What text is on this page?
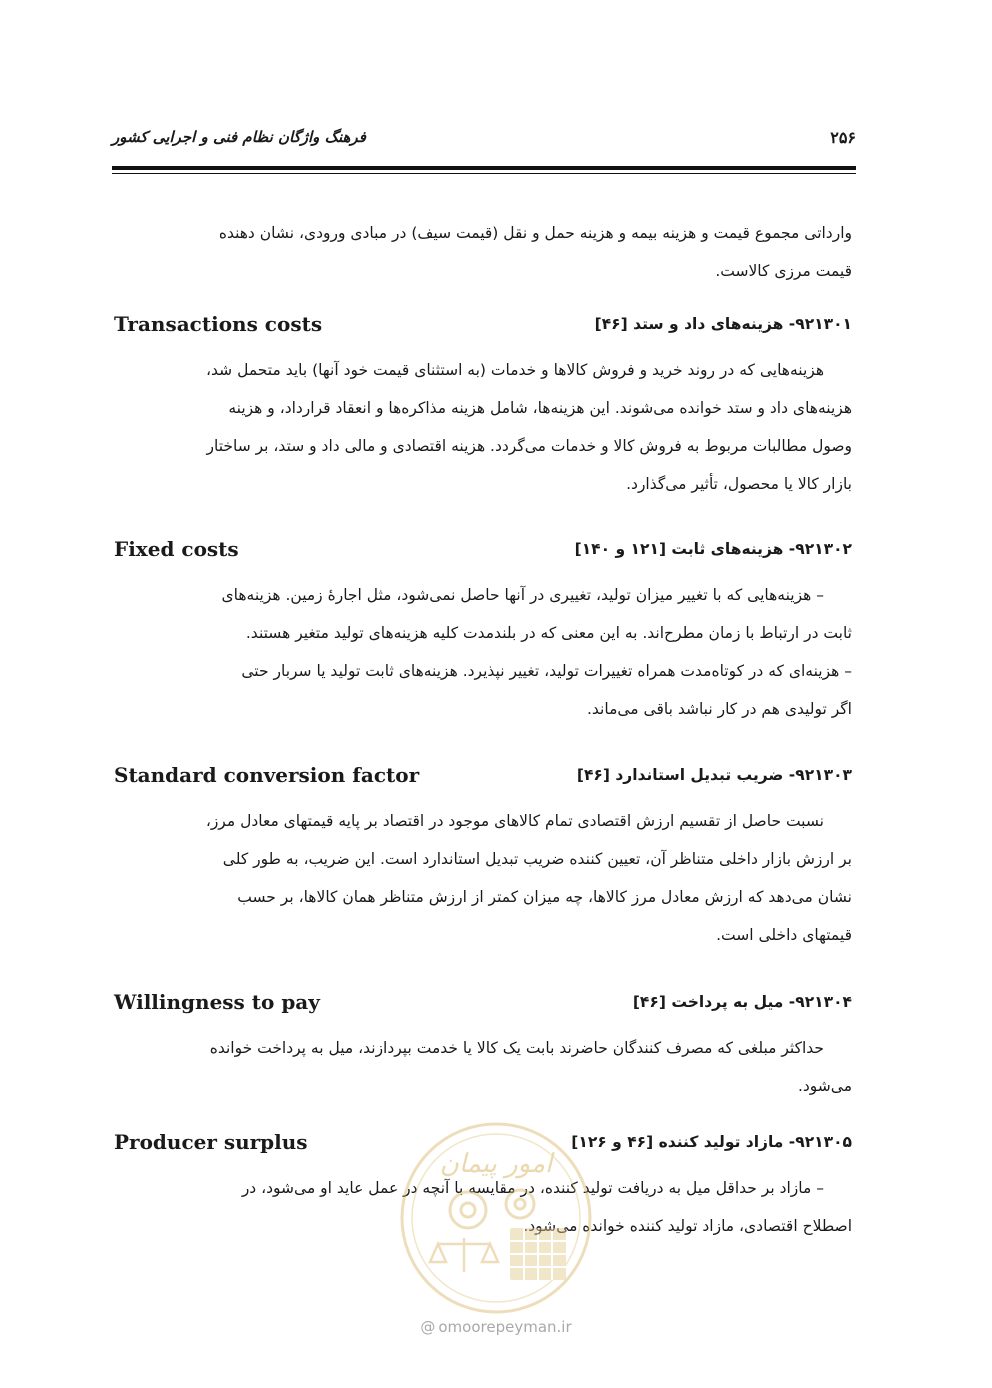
فرهنگ واژگان نظام فنی و اجرایی کشور	۲۵۶
وارداتی مجموع قیمت و هزینه بیمه و هزینه حمل و نقل (قیمت سیف) در مبادی ورودی، نشان دهنده
قیمت مرزی کالاست.
۹۲۱۳۰۱- هزینه‌های داد و ستد [۴۶]
Transactions costs
هزینه‌هایی که در روند خرید و فروش کالاها و خدمات (به استثنای قیمت خود آنها) باید متحمل شد،
هزینه‌های داد و ستد خوانده می‌شوند. این هزینه‌ها، شامل هزینه مذاکره‌ها و انعقاد قرارداد، و هزینه
وصول مطالبات مربوط به فروش کالا و خدمات می‌گردد. هزینه اقتصادی و مالی داد و ستد، بر ساختار
بازار کالا یا محصول، تأثیر می‌گذارد.
۹۲۱۳۰۲- هزینه‌های ثابت [۱۲۱ و ۱۴۰]
Fixed costs
– هزینه‌هایی که با تغییر میزان تولید، تغییری در آنها حاصل نمی‌شود، مثل اجارهٔ زمین. هزینه‌های
ثابت در ارتباط با زمان مطرح‌اند. به این معنی که در بلندمدت کلیه هزینه‌های تولید متغیر هستند.
– هزینه‌ای که در کوتاه‌مدت همراه تغییرات تولید، تغییر نپذیرد. هزینه‌های ثابت تولید یا سربار حتی
اگر تولیدی هم در کار نباشد باقی می‌ماند.
۹۲۱۳۰۳- ضریب تبدیل استاندارد [۴۶]
Standard conversion factor
نسبت حاصل از تقسیم ارزش اقتصادی تمام کالاهای موجود در اقتصاد بر پایه قیمتهای معادل مرز،
بر ارزش بازار داخلی متناظر آن، تعیین کننده ضریب تبدیل استاندارد است. این ضریب، به طور کلی
نشان می‌دهد که ارزش معادل مرز کالاها، چه میزان کمتر از ارزش متناظر همان کالاها، بر حسب
قیمتهای داخلی است.
۹۲۱۳۰۴- میل به پرداخت [۴۶]
Willingness to pay
حداکثر مبلغی که مصرف کنندگان حاضرند بابت یک کالا یا خدمت بپردازند، میل به پرداخت خوانده
می‌شود.
۹۲۱۳۰۵- مازاد تولید کننده [۴۶ و ۱۲۶]
Producer surplus
– مازاد بر حداقل میل به دریافت تولید کننده، در مقایسه با آنچه در عمل عاید او می‌شود، در
اصطلاح اقتصادی، مازاد تولید کننده خوانده می‌شود.
امور پیمان
@ omoorepeyman.ir
